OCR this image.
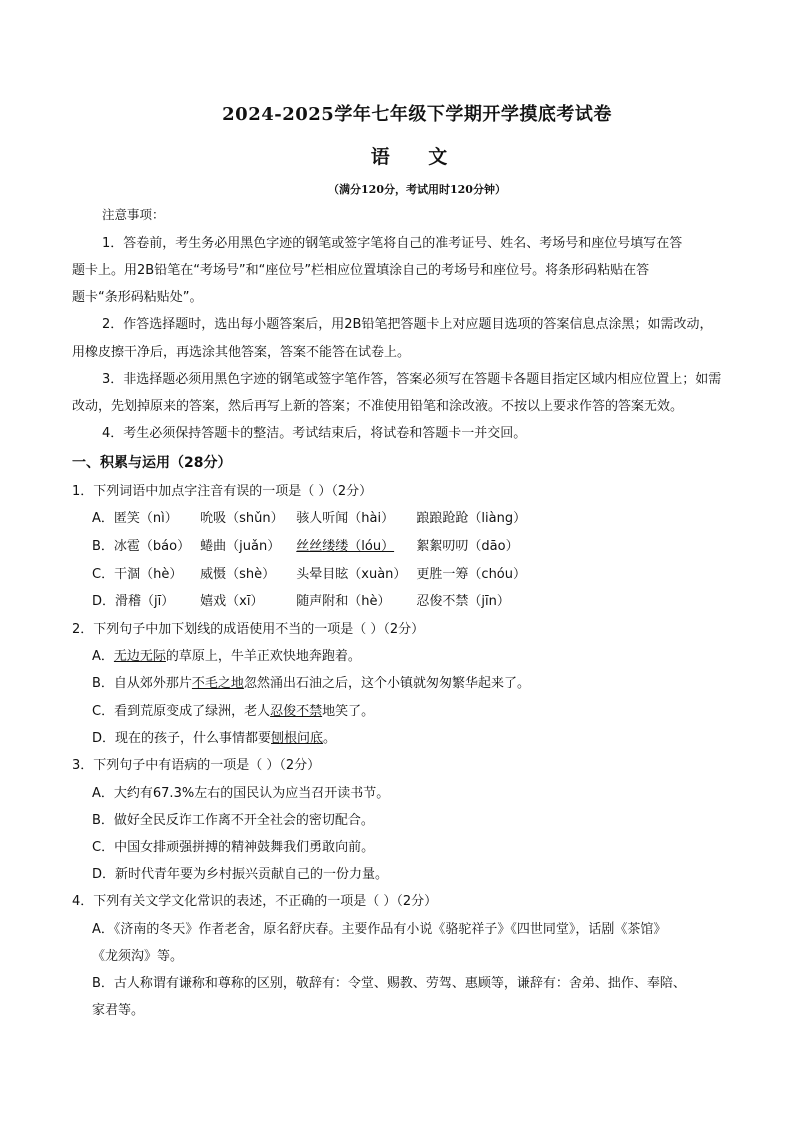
2024-2025学年七年级下学期开学摸底考试卷
语 文
（满分120分，考试用时120分钟）
注意事项：
1．答卷前，考生务必用黑色字迹的钢笔或签字笔将自己的准考证号、姓名、考场号和座位号填写在答
题卡上。用2B铅笔在“考场号”和“座位号”栏相应位置填涂自己的考场号和座位号。将条形码粘贴在答
题卡“条形码粘贴处”。
2．作答选择题时，选出每小题答案后，用2B铅笔把答题卡上对应题目选项的答案信息点涂黑；如需改动，
用橡皮擦干净后，再选涂其他答案，答案不能答在试卷上。
3．非选择题必须用黑色字迹的钢笔或签字笔作答，答案必须写在答题卡各题目指定区域内相应位置上；如需
改动，先划掉原来的答案，然后再写上新的答案；不准使用铅笔和涂改液。不按以上要求作答的答案无效。
4．考生必须保持答题卡的整洁。考试结束后，将试卷和答题卡一并交回。
一、积累与运用（28分）
1．下列词语中加点字注音有误的一项是（ ）（2分）
A．匿笑（nì） 吮吸（shǔn） 骇人听闻（hài） 踉踉跄跄（liàng）
B．冰雹（báo） 蜷曲（juǎn） 丝丝缕缕（lóu） 絮絮叨叨（dāo）
C．干涸（hè） 威慑（shè） 头晕目眩（xuàn） 更胜一筹（chóu）
D．滑稽（jī） 嬉戏（xī）	随声附和（hè） 忍俊不禁（jīn）
2．下列句子中加下划线的成语使用不当的一项是（ ）（2分）
A．无边无际的草原上，牛羊正欢快地奔跑着。
B．自从郊外那片不毛之地忽然涌出石油之后，这个小镇就匆匆繁华起来了。
C．看到荒原变成了绿洲，老人忍俊不禁地笑了。
D．现在的孩子，什么事情都要刨根问底。
3．下列句子中有语病的一项是（ ）（2分）
A．大约有67.3%左右的国民认为应当召开读书节。
B．做好全民反诈工作离不开全社会的密切配合。
C．中国女排顽强拼搏的精神鼓舞我们勇敢向前。
D．新时代青年要为乡村振兴贡献自己的一份力量。
4．下列有关文学文化常识的表述，不正确的一项是（ ）（2分）
A．《济南的冬天》作者老舍，原名舒庆春。主要作品有小说《骆驼祥子》《四世同堂》，话剧《茶馆》
《龙须沟》等。
B．古人称谓有谦称和尊称的区别，敬辞有：令堂、赐教、劳驾、惠顾等，谦辞有：舍弟、拙作、奉陪、
家君等。
